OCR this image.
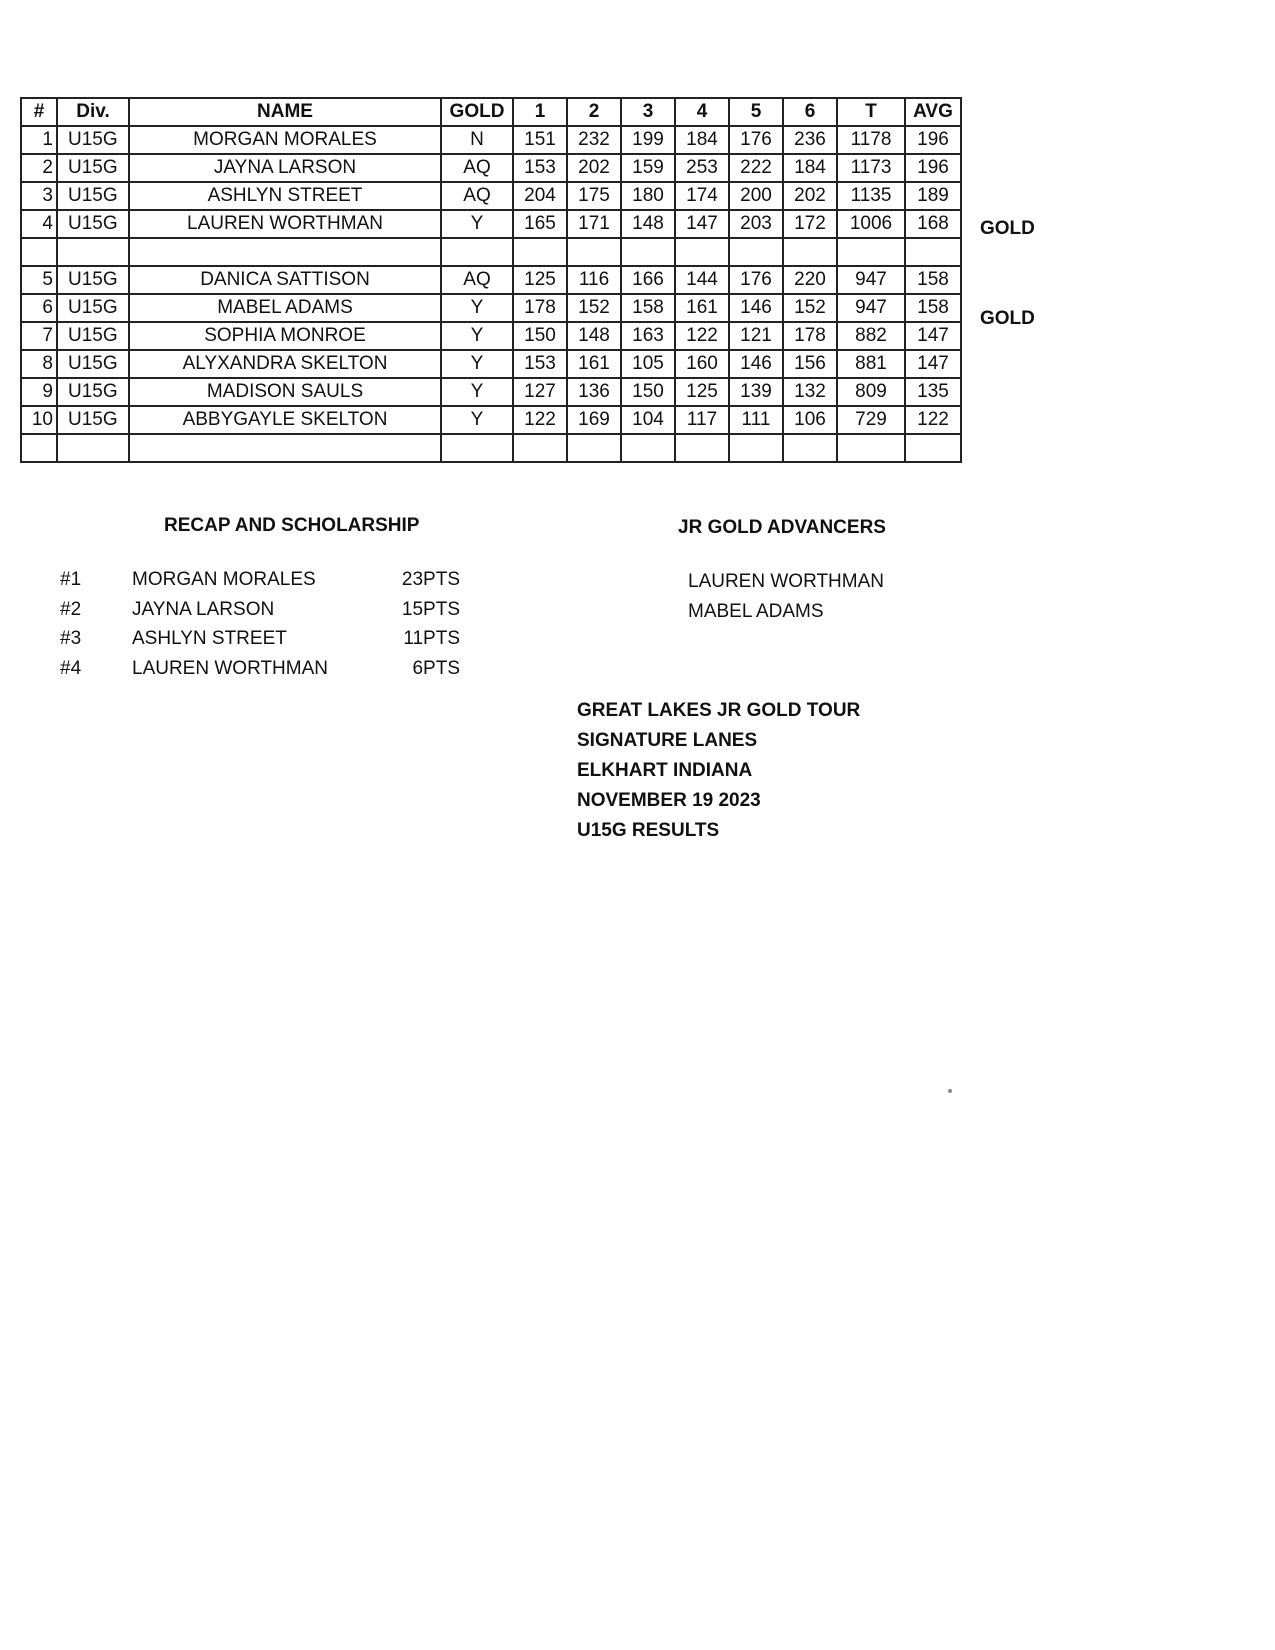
#	Div.	NAME	GOLD	1	2	3	4	5	6	T	AVG
1	U15G	MORGAN MORALES	N	151	232	199	184	176	236	1178	196
2	U15G	JAYNA LARSON	AQ	153	202	159	253	222	184	1173	196
3	U15G	ASHLYN STREET	AQ	204	175	180	174	200	202	1135	189
4	U15G	LAUREN WORTHMAN	Y	165	171	148	147	203	172	1006	168

5	U15G	DANICA SATTISON	AQ	125	116	166	144	176	220	947	158
6	U15G	MABEL ADAMS	Y	178	152	158	161	146	152	947	158
7	U15G	SOPHIA MONROE	Y	150	148	163	122	121	178	882	147
8	U15G	ALYXANDRA SKELTON	Y	153	161	105	160	146	156	881	147
9	U15G	MADISON SAULS	Y	127	136	150	125	139	132	809	135
10	U15G	ABBYGAYLE SKELTON	Y	122	169	104	117	111	106	729	122

GOLD
GOLD
RECAP AND SCHOLARSHIP
#1	MORGAN MORALES	23PTS
#2	JAYNA LARSON	15PTS
#3	ASHLYN STREET	11PTS
#4	LAUREN WORTHMAN	6PTS
JR GOLD ADVANCERS
LAUREN WORTHMAN
MABEL ADAMS
GREAT LAKES JR GOLD TOUR
SIGNATURE LANES
ELKHART INDIANA
NOVEMBER 19 2023
U15G RESULTS
